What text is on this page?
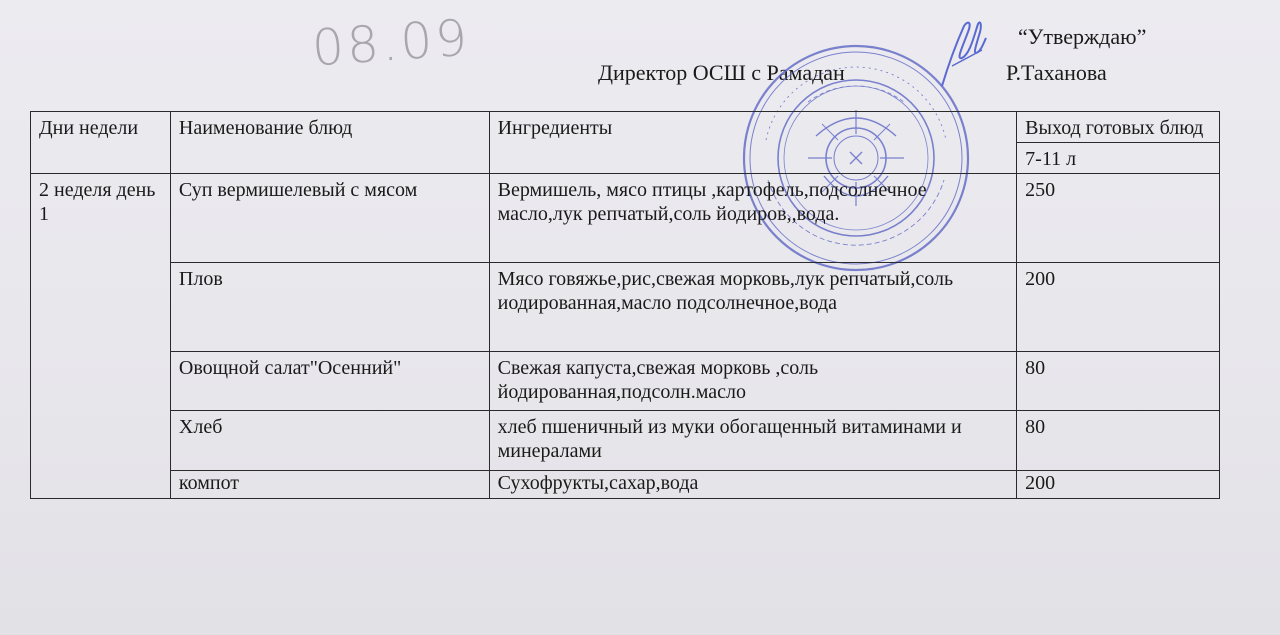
08.09	“Утверждаю”
Директор ОСШ с Рамадан	Р.Таханова
Дни недели	Наименование блюд	Ингредиенты	Выход готовых блюд
			7-11 л
2 неделя день 1	Суп вермишелевый с мясом	Вермишель, мясо птицы ,картофель,подсолнечное масло,лук репчатый,соль йодиров,,вода.	250
	Плов	Мясо говяжье,рис,свежая морковь,лук репчатый,соль иодированная,масло подсолнечное,вода	200
	Овощной салат"Осенний"	Свежая капуста,свежая морковь ,соль йодированная,подсолн.масло	80
	Хлеб	хлеб пшеничный из муки обогащенный витаминами и минералами	80
	компот	Сухофрукты,сахар,вода	200
